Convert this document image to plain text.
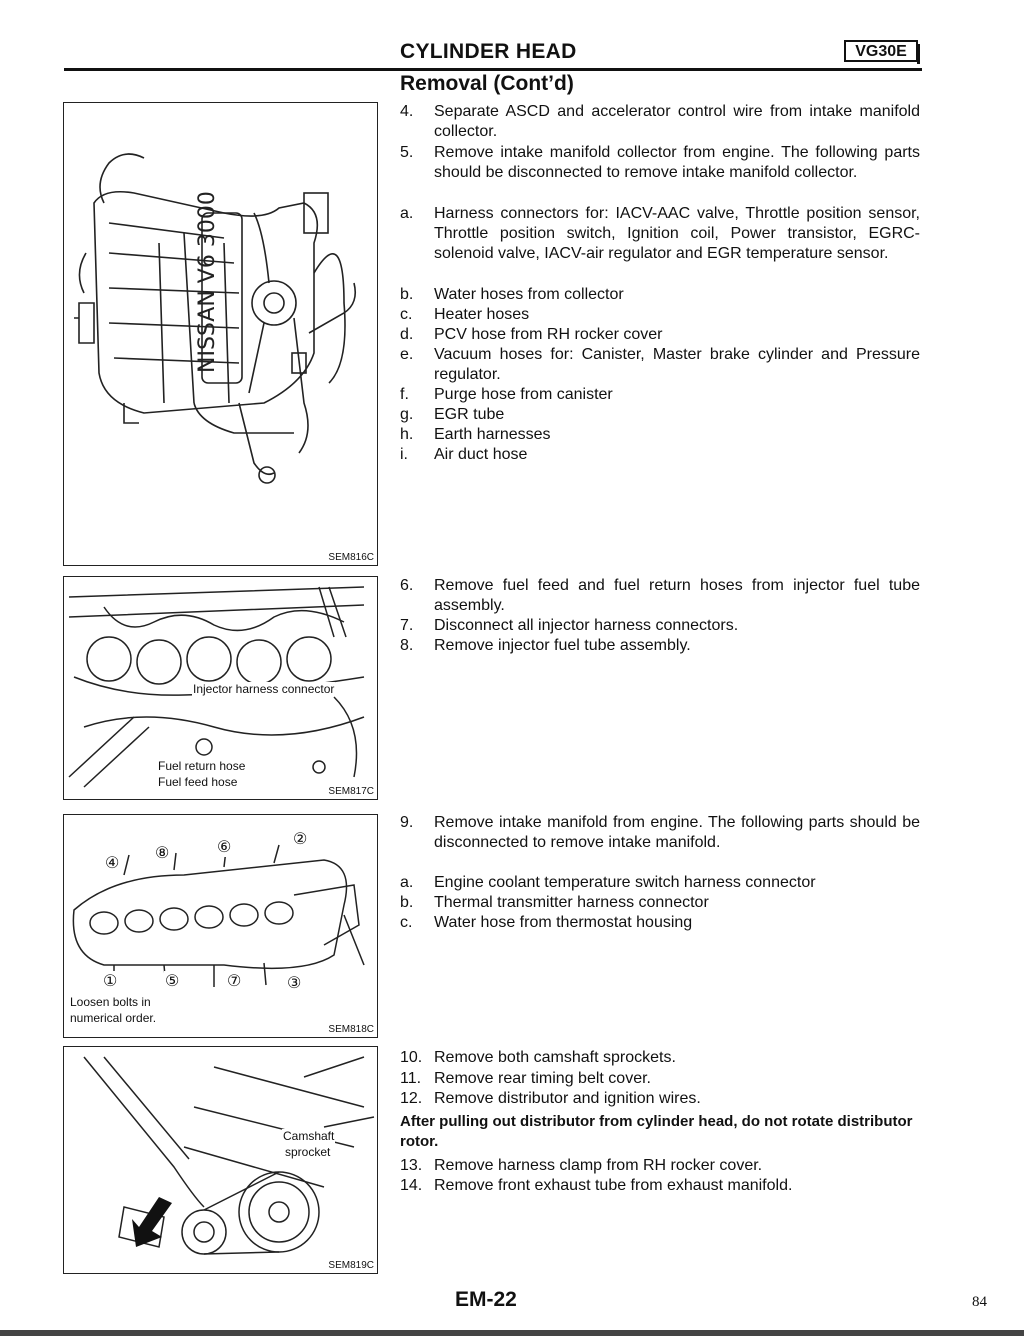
CYLINDER HEAD	VG30E
Removal (Cont’d)
NISSAN V6 3000
SEM816C
Injector harness connector
Fuel return hose
Fuel feed hose
SEM817C
②
④
⑧	⑥
①	⑤	⑦	③
Loosen bolts in
numerical order.
SEM818C
Camshaft
sprocket
SEM819C
4. Separate ASCD and accelerator control wire from intake manifold collector.
5. Remove intake manifold collector from engine. The following parts should be disconnected to remove intake manifold collector.
a. Harness connectors for: IACV-AAC valve, Throttle position sensor, Throttle position switch, Ignition coil, Power transistor, EGRC-solenoid valve, IACV-air regulator and EGR temperature sensor.
b. Water hoses from collector
c. Heater hoses
d. PCV hose from RH rocker cover
e. Vacuum hoses for: Canister, Master brake cylinder and Pressure regulator.
f. Purge hose from canister
g. EGR tube
h. Earth harnesses
i. Air duct hose
6. Remove fuel feed and fuel return hoses from injector fuel tube assembly.
7. Disconnect all injector harness connectors.
8. Remove injector fuel tube assembly.
9. Remove intake manifold from engine. The following parts should be disconnected to remove intake manifold.
a. Engine coolant temperature switch harness connector
b. Thermal transmitter harness connector
c. Water hose from thermostat housing
10. Remove both camshaft sprockets.
11. Remove rear timing belt cover.
12. Remove distributor and ignition wires.
After pulling out distributor from cylinder head, do not rotate distributor rotor.
13. Remove harness clamp from RH rocker cover.
14. Remove front exhaust tube from exhaust manifold.
EM-22	84
